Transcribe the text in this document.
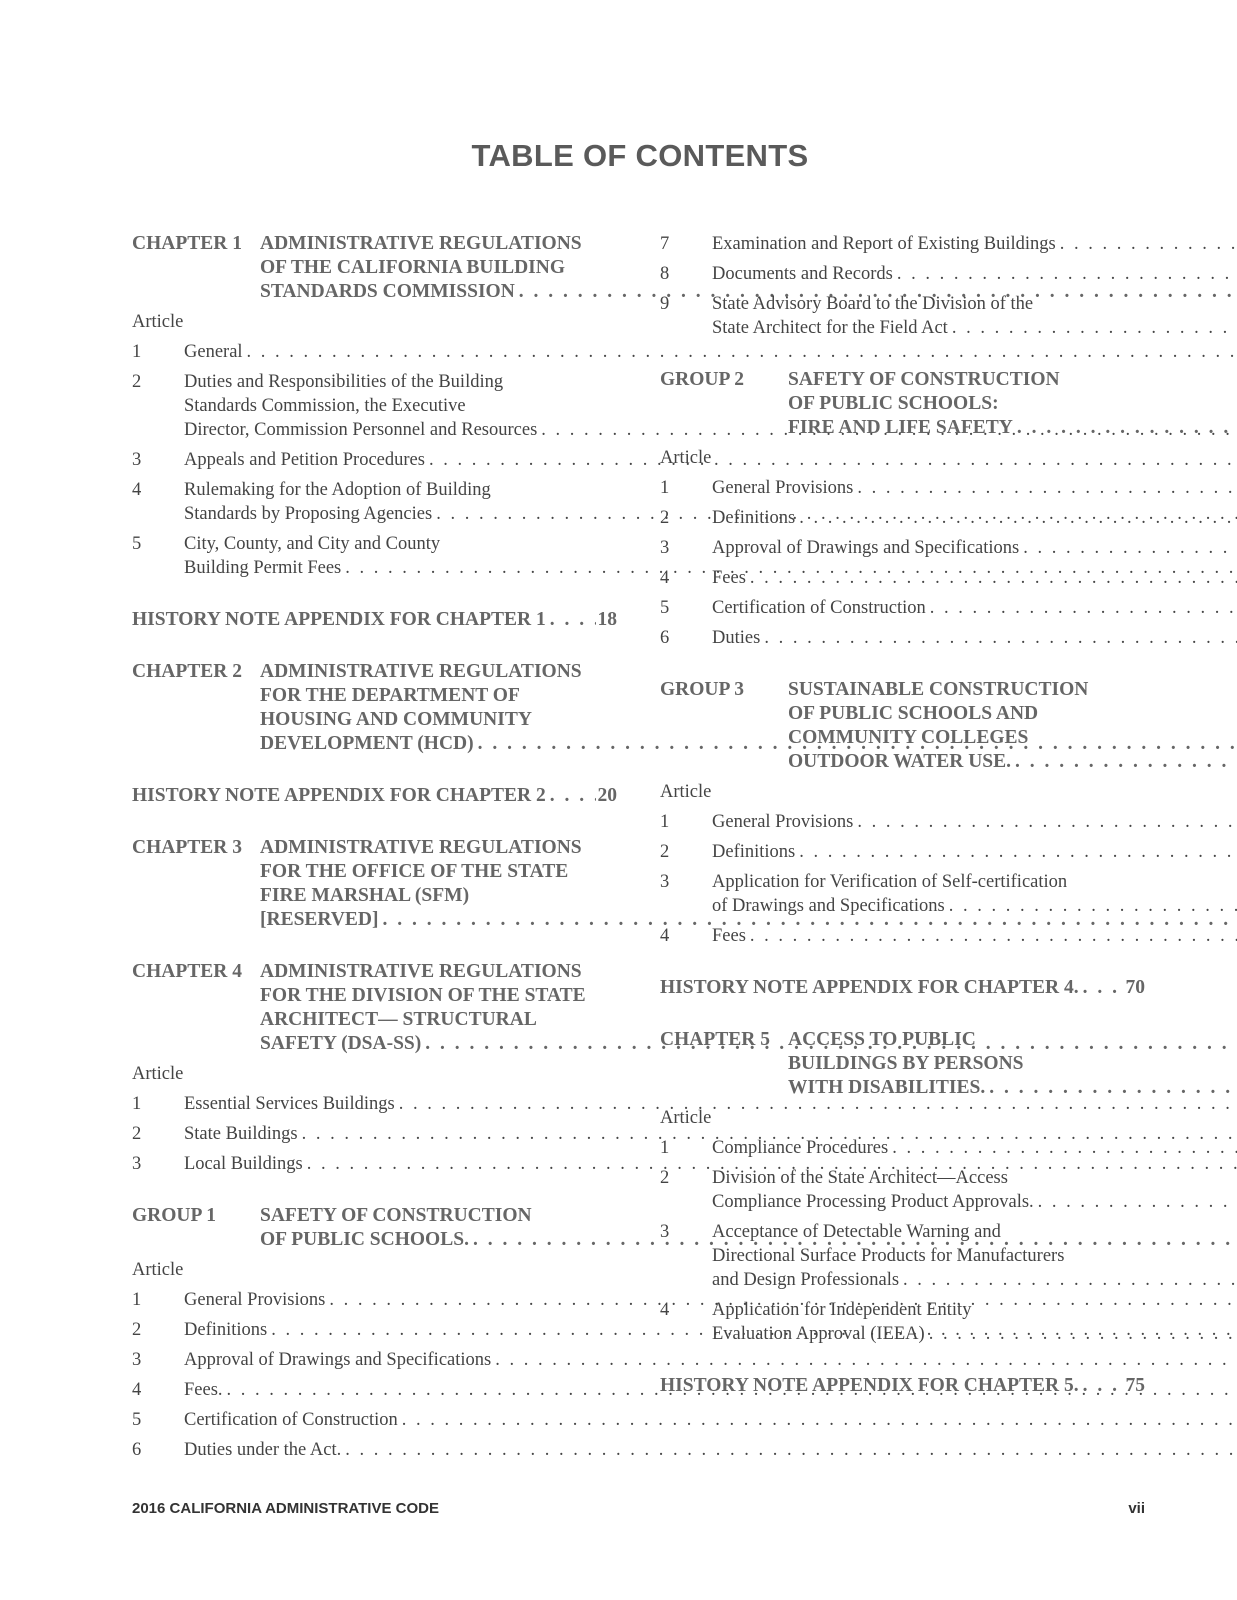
TABLE OF CONTENTS
CHAPTER 1 ADMINISTRATIVE REGULATIONS
OF THE CALIFORNIA BUILDING
STANDARDS COMMISSION
. . .
Article
1	General
. . .
2	Duties and Responsibilities of the Building
Standards Commission, the Executive
Director, Commission Personnel and Resources
. . .
3	Appeals and Petition Procedures
. . .
4	Rulemaking for the Adoption of Building
Standards by Proposing Agencies
. . .
5	City, County, and City and County
Building Permit Fees
. . .
HISTORY NOTE APPENDIX FOR CHAPTER 1 . . .	18
CHAPTER 2 ADMINISTRATIVE REGULATIONS
FOR THE DEPARTMENT OF
HOUSING AND COMMUNITY
DEVELOPMENT (HCD)
. . .
HISTORY NOTE APPENDIX FOR CHAPTER 2 . . .	20
CHAPTER 3 ADMINISTRATIVE REGULATIONS
FOR THE OFFICE OF THE STATE
FIRE MARSHAL (SFM)
[RESERVED]
. . .
CHAPTER 4 ADMINISTRATIVE REGULATIONS
FOR THE DIVISION OF THE STATE
ARCHITECT— STRUCTURAL
SAFETY (DSA-SS)
. . .
Article
1	Essential Services Buildings
. . .
2	State Buildings
. . .
3	Local Buildings
. . .
GROUP 1	SAFETY OF CONSTRUCTION
OF PUBLIC SCHOOLS.
. . .
Article
1	General Provisions
. . .
2	Definitions
. . .
3	Approval of Drawings and Specifications
. . .
4	Fees.
. . .
5	Certification of Construction
. . .
6	Duties under the Act.
. . .
7	Examination and Report of Existing Buildings
. . .
8	Documents and Records
. . .
9	State Advisory Board to the Division of the
State Architect for the Field Act
. . .
GROUP 2	SAFETY OF CONSTRUCTION
OF PUBLIC SCHOOLS:
FIRE AND LIFE SAFETY
. . .
Article
1	General Provisions
. . .
2	Definitions
. . .
3	Approval of Drawings and Specifications
. . .
4	Fees
. . .
5	Certification of Construction
. . .
6	Duties
. . .
GROUP 3	SUSTAINABLE CONSTRUCTION
OF PUBLIC SCHOOLS AND
COMMUNITY COLLEGES
OUTDOOR WATER USE.
. . .
Article
1	General Provisions
. . .
2	Definitions
. . .
3	Application for Verification of Self-certification
of Drawings and Specifications
. . .
4	Fees
. . .
HISTORY NOTE APPENDIX FOR CHAPTER 4. . . . 70
CHAPTER 5 ACCESS TO PUBLIC
BUILDINGS BY PERSONS
WITH DISABILITIES.
. . .
Article
1	Compliance Procedures
. . .
2	Division of the State Architect—Access
Compliance Processing Product Approvals.
. . .
3	Acceptance of Detectable Warning and
Directional Surface Products for Manufacturers
and Design Professionals
. . .
4	Application for Independent Entity
Evaluation Approval (IEEA)
. . .
HISTORY NOTE APPENDIX FOR CHAPTER 5. . . . 75
2016 CALIFORNIA ADMINISTRATIVE CODE	vii
